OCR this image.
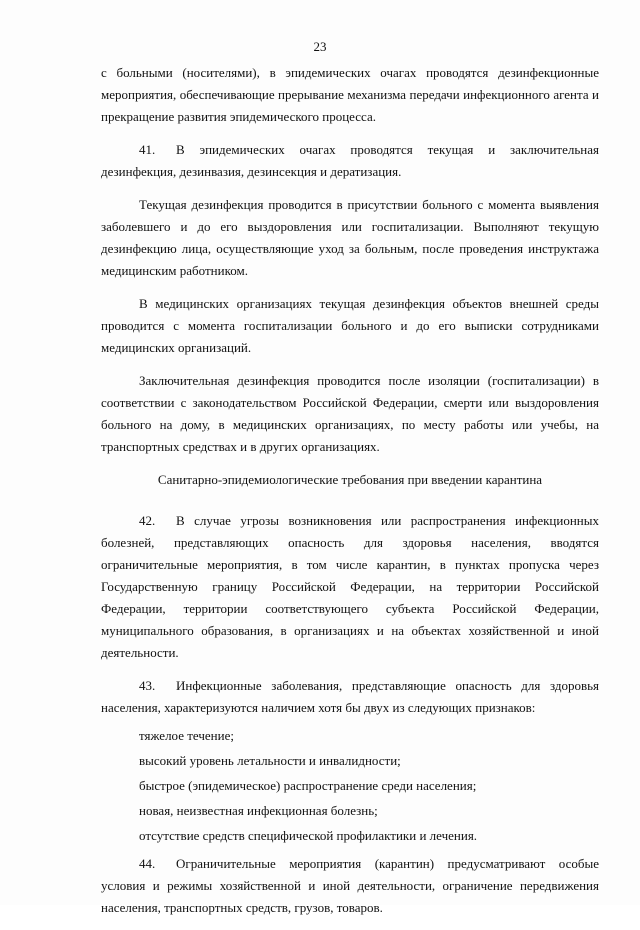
23

с больными (носителями), в эпидемических очагах проводятся дезинфекционные мероприятия, обеспечивающие прерывание механизма передачи инфекционного агента и прекращение развития эпидемического процесса.

41. В эпидемических очагах проводятся текущая и заключительная дезинфекция, дезинвазия, дезинсекция и дератизация.

Текущая дезинфекция проводится в присутствии больного с момента выявления заболевшего и до его выздоровления или госпитализации. Выполняют текущую дезинфекцию лица, осуществляющие уход за больным, после проведения инструктажа медицинским работником.

В медицинских организациях текущая дезинфекция объектов внешней среды проводится с момента госпитализации больного и до его выписки сотрудниками медицинских организаций.

Заключительная дезинфекция проводится после изоляции (госпитализации) в соответствии с законодательством Российской Федерации, смерти или выздоровления больного на дому, в медицинских организациях, по месту работы или учебы, на транспортных средствах и в других организациях.

Санитарно-эпидемиологические требования при введении карантина

42. В случае угрозы возникновения или распространения инфекционных болезней, представляющих опасность для здоровья населения, вводятся ограничительные мероприятия, в том числе карантин, в пунктах пропуска через Государственную границу Российской Федерации, на территории Российской Федерации, территории соответствующего субъекта Российской Федерации, муниципального образования, в организациях и на объектах хозяйственной и иной деятельности.

43. Инфекционные заболевания, представляющие опасность для здоровья населения, характеризуются наличием хотя бы двух из следующих признаков:

тяжелое течение;
высокий уровень летальности и инвалидности;
быстрое (эпидемическое) распространение среди населения;
новая, неизвестная инфекционная болезнь;
отсутствие средств специфической профилактики и лечения.

44. Ограничительные мероприятия (карантин) предусматривают особые условия и режимы хозяйственной и иной деятельности, ограничение передвижения населения, транспортных средств, грузов, товаров.
